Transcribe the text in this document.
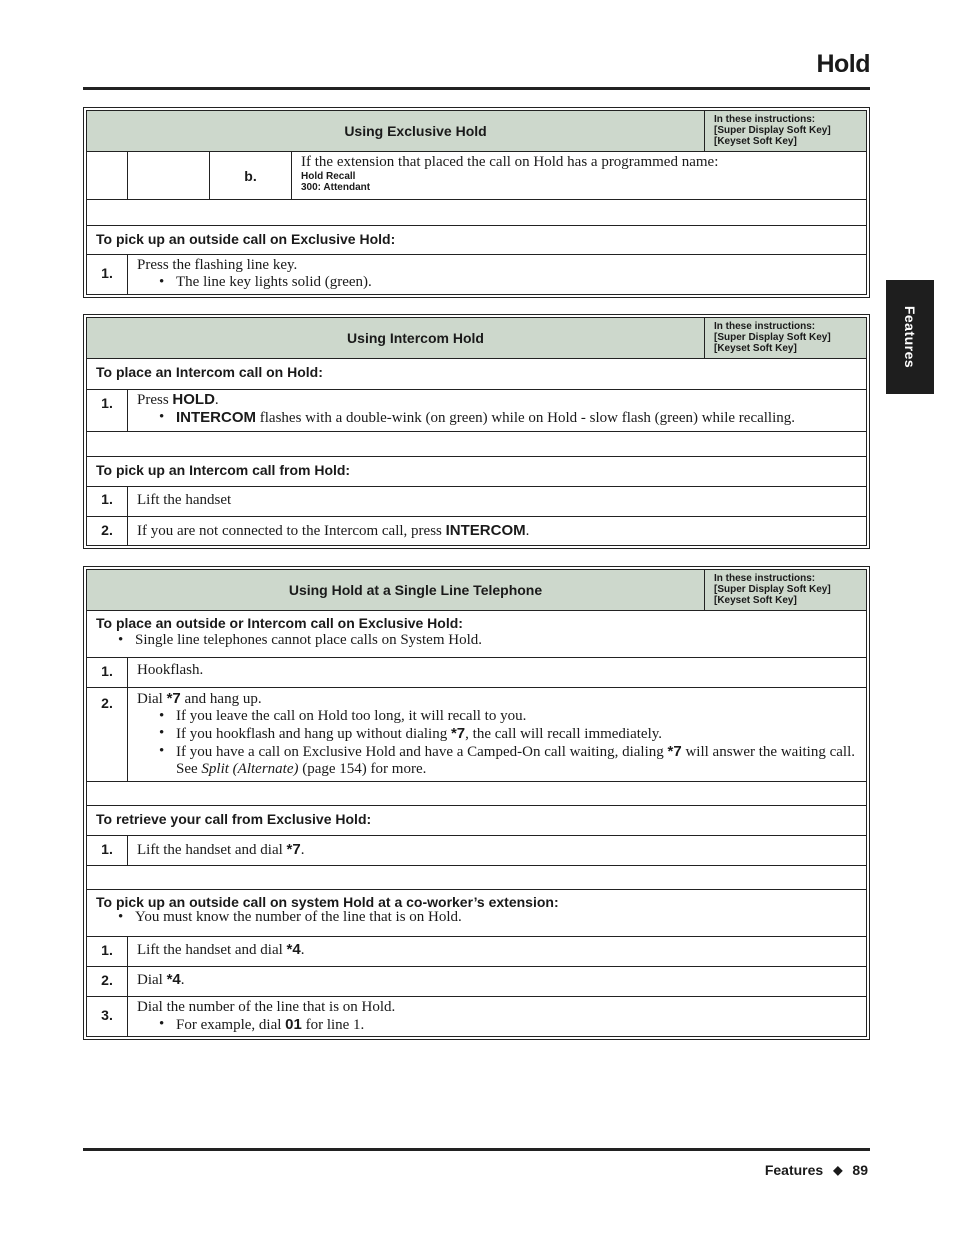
Hold
Features
Using Exclusive Hold
In these instructions:
[Super Display Soft Key]
[Keyset Soft Key]
b.
If the extension that placed the call on Hold has a programmed name:
Hold Recall
300: Attendant
To pick up an outside call on Exclusive Hold:
1.	Press the flashing line key.
• The line key lights solid (green).
Using Intercom Hold
In these instructions:
[Super Display Soft Key]
[Keyset Soft Key]
To place an Intercom call on Hold:
1.	Press HOLD.
• INTERCOM flashes with a double-wink (on green) while on Hold - slow flash (green) while recalling.
To pick up an Intercom call from Hold:
1.	Lift the handset
2.	If you are not connected to the Intercom call, press INTERCOM.
Using Hold at a Single Line Telephone
In these instructions:
[Super Display Soft Key]
[Keyset Soft Key]
To place an outside or Intercom call on Exclusive Hold:
• Single line telephones cannot place calls on System Hold.
1.	Hookflash.
2.	Dial *7 and hang up.
• If you leave the call on Hold too long, it will recall to you.
• If you hookflash and hang up without dialing *7, the call will recall immediately.
• If you have a call on Exclusive Hold and have a Camped-On call waiting, dialing *7 will answer the waiting call. See Split (Alternate) (page 154) for more.
To retrieve your call from Exclusive Hold:
1.	Lift the handset and dial *7.
To pick up an outside call on system Hold at a co-worker’s extension:
• You must know the number of the line that is on Hold.
1.	Lift the handset and dial *4.
2.	Dial *4.
3.	Dial the number of the line that is on Hold.
• For example, dial 01 for line 1.
Features ◆ 89
